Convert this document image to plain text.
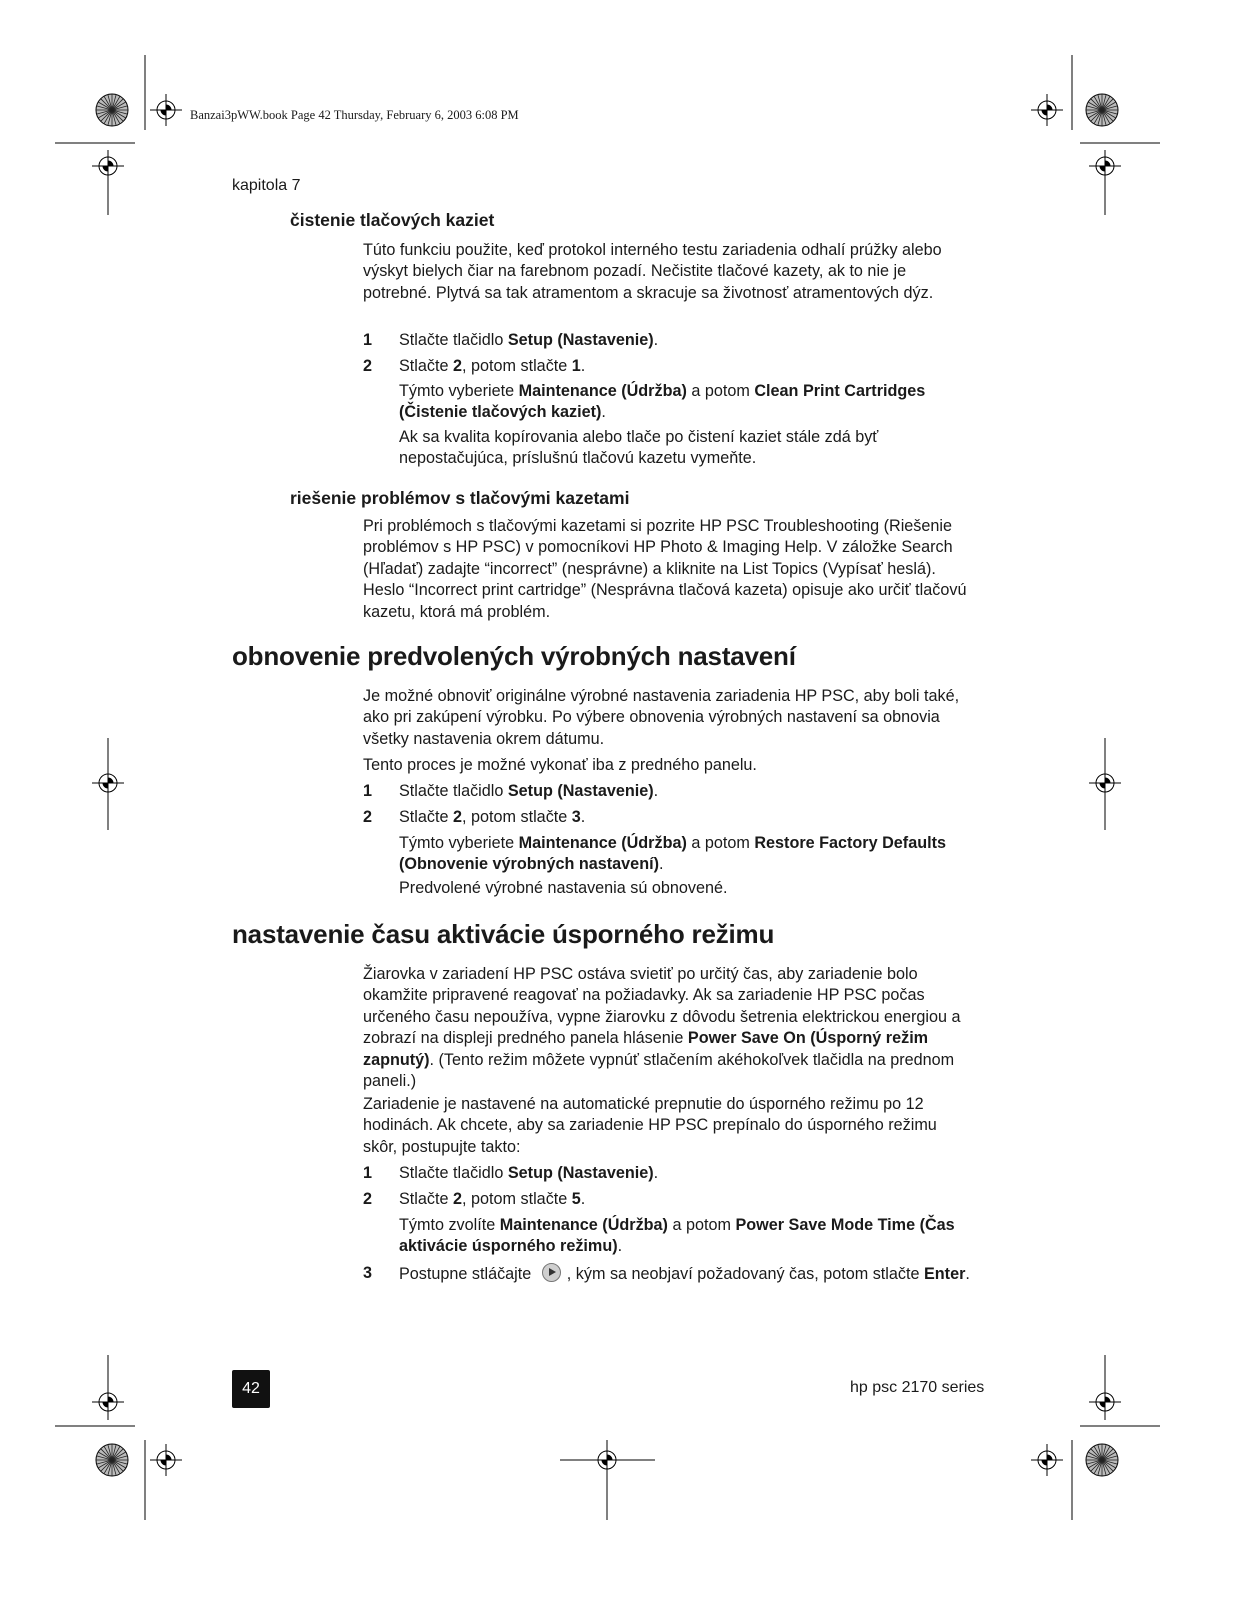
Banzai3pWW.book Page 42 Thursday, February 6, 2003 6:08 PM
kapitola 7
čistenie tlačových kaziet

Túto funkciu použite, keď protokol interného testu zariadenia odhalí prúžky alebo výskyt bielych čiar na farebnom pozadí. Nečistite tlačové kazety, ak to nie je potrebné. Plytvá sa tak atramentom a skracuje sa životnosť atramentových dýz.

1 Stlačte tlačidlo Setup (Nastavenie).
2 Stlačte 2, potom stlačte 1.

Týmto vyberiete Maintenance (Údržba) a potom Clean Print Cartridges (Čistenie tlačových kaziet).

Ak sa kvalita kopírovania alebo tlače po čistení kaziet stále zdá byť nepostačujúca, príslušnú tlačovú kazetu vymeňte.

riešenie problémov s tlačovými kazetami

Pri problémoch s tlačovými kazetami si pozrite HP PSC Troubleshooting (Riešenie problémov s HP PSC) v pomocníkovi HP Photo & Imaging Help. V záložke Search (Hľadať) zadajte “incorrect” (nesprávne) a kliknite na List Topics (Vypísať heslá). Heslo “Incorrect print cartridge” (Nesprávna tlačová kazeta) opisuje ako určiť tlačovú kazetu, ktorá má problém.

obnovenie predvolených výrobných nastavení

Je možné obnoviť originálne výrobné nastavenia zariadenia HP PSC, aby boli také, ako pri zakúpení výrobku. Po výbere obnovenia výrobných nastavení sa obnovia všetky nastavenia okrem dátumu.

Tento proces je možné vykonať iba z predného panelu.

1 Stlačte tlačidlo Setup (Nastavenie).
2 Stlačte 2, potom stlačte 3.

Týmto vyberiete Maintenance (Údržba) a potom Restore Factory Defaults (Obnovenie výrobných nastavení).

Predvolené výrobné nastavenia sú obnovené.

nastavenie času aktivácie úsporného režimu

Žiarovka v zariadení HP PSC ostáva svietiť po určitý čas, aby zariadenie bolo okamžite pripravené reagovať na požiadavky. Ak sa zariadenie HP PSC počas určeného času nepoužíva, vypne žiarovku z dôvodu šetrenia elektrickou energiou a zobrazí na displeji predného panela hlásenie Power Save On (Úsporný režim zapnutý). (Tento režim môžete vypnúť stlačením akéhokoľvek tlačidla na prednom paneli.)

Zariadenie je nastavené na automatické prepnutie do úsporného režimu po 12 hodinách. Ak chcete, aby sa zariadenie HP PSC prepínalo do úsporného režimu skôr, postupujte takto:

1 Stlačte tlačidlo Setup (Nastavenie).
2 Stlačte 2, potom stlačte 5.

Týmto zvolíte Maintenance (Údržba) a potom Power Save Mode Time (Čas aktivácie úsporného režimu).

3 Postupne stláčajte , kým sa neobjaví požadovaný čas, potom stlačte Enter.
42	hp psc 2170 series
